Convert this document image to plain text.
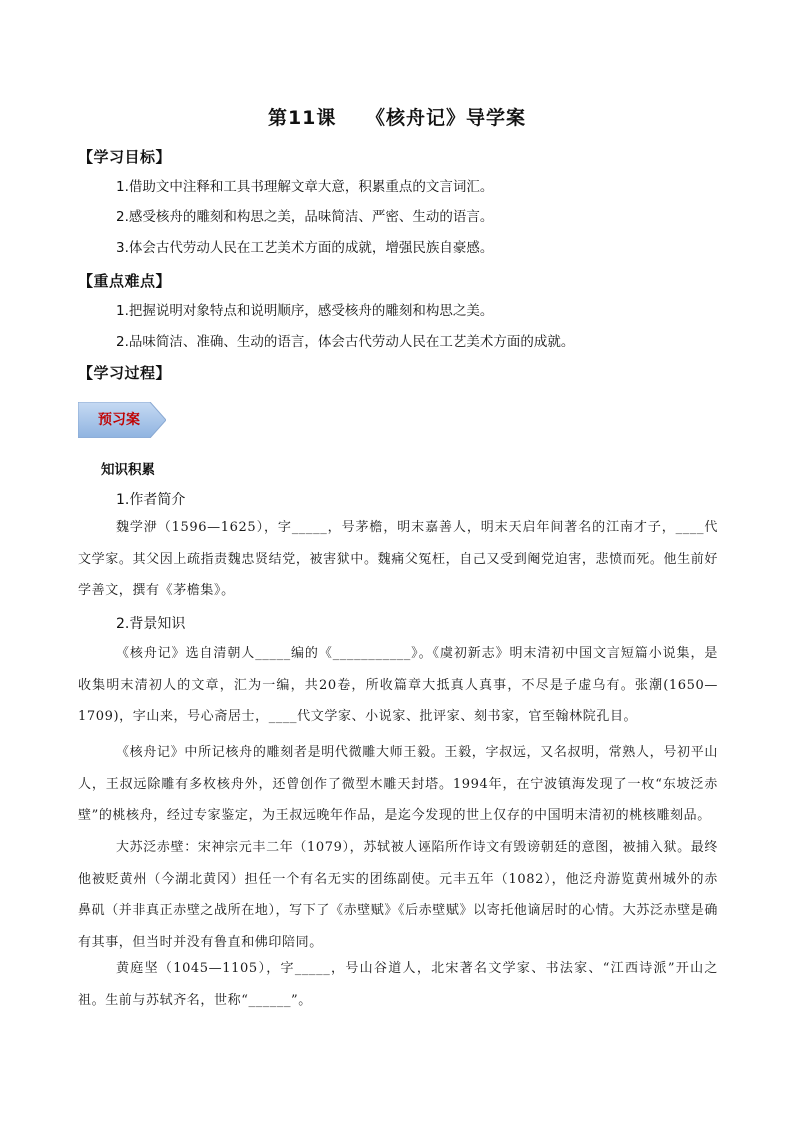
第11课 《核舟记》导学案
【学习目标】
1.借助文中注释和工具书理解文章大意，积累重点的文言词汇。
2.感受核舟的雕刻和构思之美，品味简洁、严密、生动的语言。
3.体会古代劳动人民在工艺美术方面的成就，增强民族自豪感。
【重点难点】
1.把握说明对象特点和说明顺序，感受核舟的雕刻和构思之美。
2.品味简洁、准确、生动的语言，体会古代劳动人民在工艺美术方面的成就。
【学习过程】
预习案
知识积累
1.作者简介
魏学洢（1596—1625），字_____，号茅檐，明末嘉善人，明末天启年间著名的江南才子，____代文学家。其父因上疏指责魏忠贤结党，被害狱中。魏痛父冤枉，自己又受到阉党迫害，悲愤而死。他生前好学善文，撰有《茅檐集》。
2.背景知识
《核舟记》选自清朝人_____编的《___________》。《虞初新志》明末清初中国文言短篇小说集，是收集明末清初人的文章，汇为一编，共20卷，所收篇章大抵真人真事，不尽是子虚乌有。张潮(1650—1709)，字山来，号心斋居士，____代文学家、小说家、批评家、刻书家，官至翰林院孔目。
《核舟记》中所记核舟的雕刻者是明代微雕大师王毅。王毅，字叔远，又名叔明，常熟人，号初平山人，王叔远除雕有多枚核舟外，还曾创作了微型木雕天封塔。1994年，在宁波镇海发现了一枚“东坡泛赤壁”的桃核舟，经过专家鉴定，为王叔远晚年作品，是迄今发现的世上仅存的中国明末清初的桃核雕刻品。
大苏泛赤壁：宋神宗元丰二年（1079），苏轼被人诬陷所作诗文有毁谤朝廷的意图，被捕入狱。最终他被贬黄州（今湖北黄冈）担任一个有名无实的团练副使。元丰五年（1082），他泛舟游览黄州城外的赤鼻矶（并非真正赤壁之战所在地），写下了《赤壁赋》《后赤壁赋》以寄托他谪居时的心情。大苏泛赤壁是确有其事，但当时并没有鲁直和佛印陪同。
黄庭坚（1045—1105），字_____，号山谷道人，北宋著名文学家、书法家、“江西诗派”开山之祖。生前与苏轼齐名，世称“______”。
